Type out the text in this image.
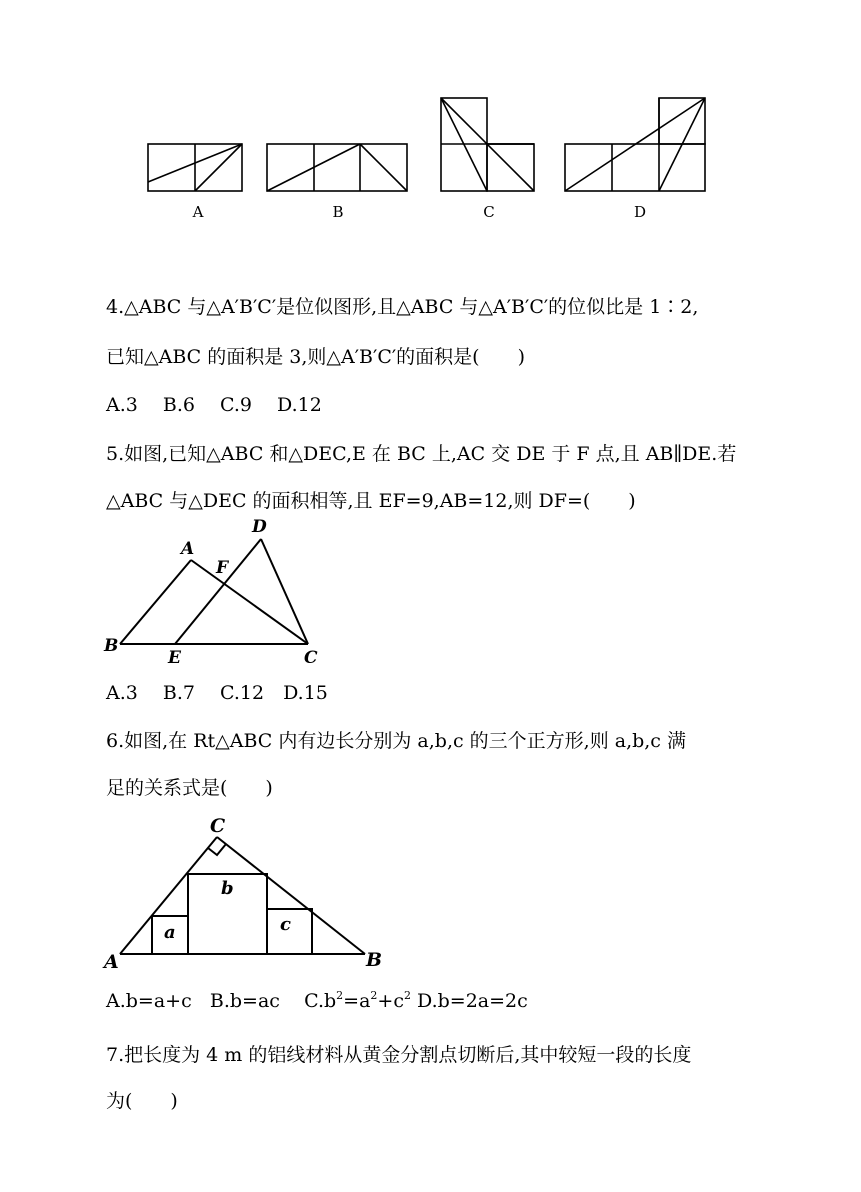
A	B	C	D
4.△ABC 与△A′B′C′是位似图形,且△ABC 与△A′B′C′的位似比是 1∶2,
已知△ABC 的面积是 3,则△A′B′C′的面积是(　　)
A.3　 B.6　 C.9　 D.12
5.如图,已知△ABC 和△DEC,E 在 BC 上,AC 交 DE 于 F 点,且 AB∥DE.若
△ABC 与△DEC 的面积相等,且 EF=9,AB=12,则 DF=(　　)
A
D
F
B
E	C
A.3　 B.7　 C.12　D.15
6.如图,在 Rt△ABC 内有边长分别为 a,b,c 的三个正方形,则 a,b,c 满
足的关系式是(　　)
C
A	B
a
b
c
A.b=a+c B.b=ac $C.b^2=a^2+c^2$ D.b=2a=2c
7.把长度为 4 m 的铝线材料从黄金分割点切断后,其中较短一段的长度
为(　　)
